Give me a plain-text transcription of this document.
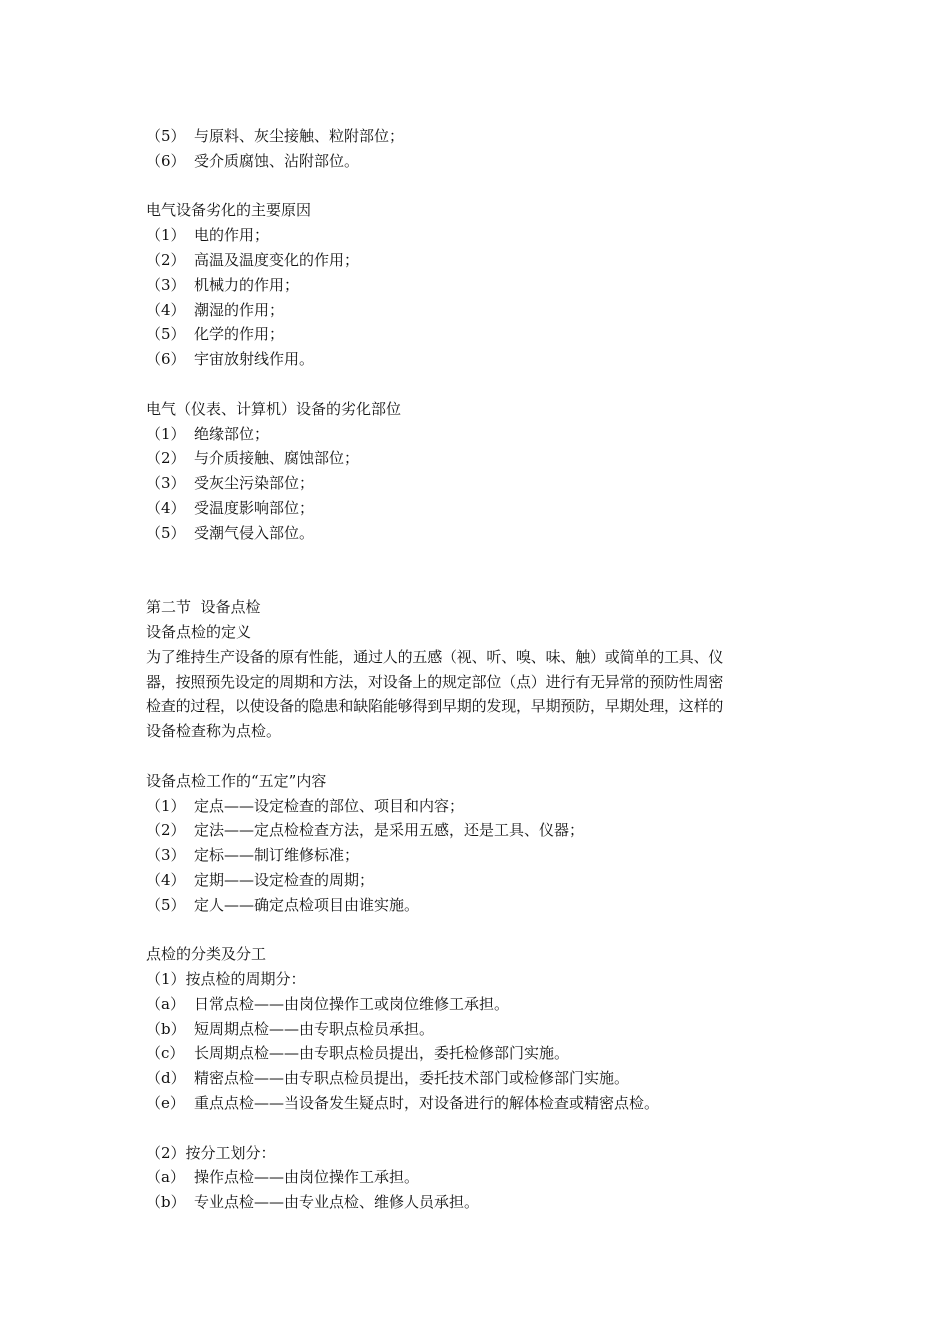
（5） 与原料、灰尘接触、粒附部位；
（6） 受介质腐蚀、沾附部位。
电气设备劣化的主要原因
（1） 电的作用；
（2） 高温及温度变化的作用；
（3） 机械力的作用；
（4） 潮湿的作用；
（5） 化学的作用；
（6） 宇宙放射线作用。
电气（仪表、计算机）设备的劣化部位
（1） 绝缘部位；
（2） 与介质接触、腐蚀部位；
（3） 受灰尘污染部位；
（4） 受温度影响部位；
（5） 受潮气侵入部位。
第二节  设备点检
设备点检的定义
为了维持生产设备的原有性能，通过人的五感（视、听、嗅、味、触）或简单的工具、仪
器，按照预先设定的周期和方法，对设备上的规定部位（点）进行有无异常的预防性周密
检查的过程，以使设备的隐患和缺陷能够得到早期的发现，早期预防，早期处理，这样的
设备检查称为点检。
设备点检工作的“五定”内容
（1） 定点——设定检查的部位、项目和内容；
（2） 定法——定点检检查方法，是采用五感，还是工具、仪器；
（3） 定标——制订维修标准；
（4） 定期——设定检查的周期；
（5） 定人——确定点检项目由谁实施。
点检的分类及分工
（1）按点检的周期分：
（a） 日常点检——由岗位操作工或岗位维修工承担。
（b） 短周期点检——由专职点检员承担。
（c） 长周期点检——由专职点检员提出，委托检修部门实施。
（d） 精密点检——由专职点检员提出，委托技术部门或检修部门实施。
（e） 重点点检——当设备发生疑点时，对设备进行的解体检查或精密点检。
（2）按分工划分：
（a） 操作点检——由岗位操作工承担。
（b） 专业点检——由专业点检、维修人员承担。
